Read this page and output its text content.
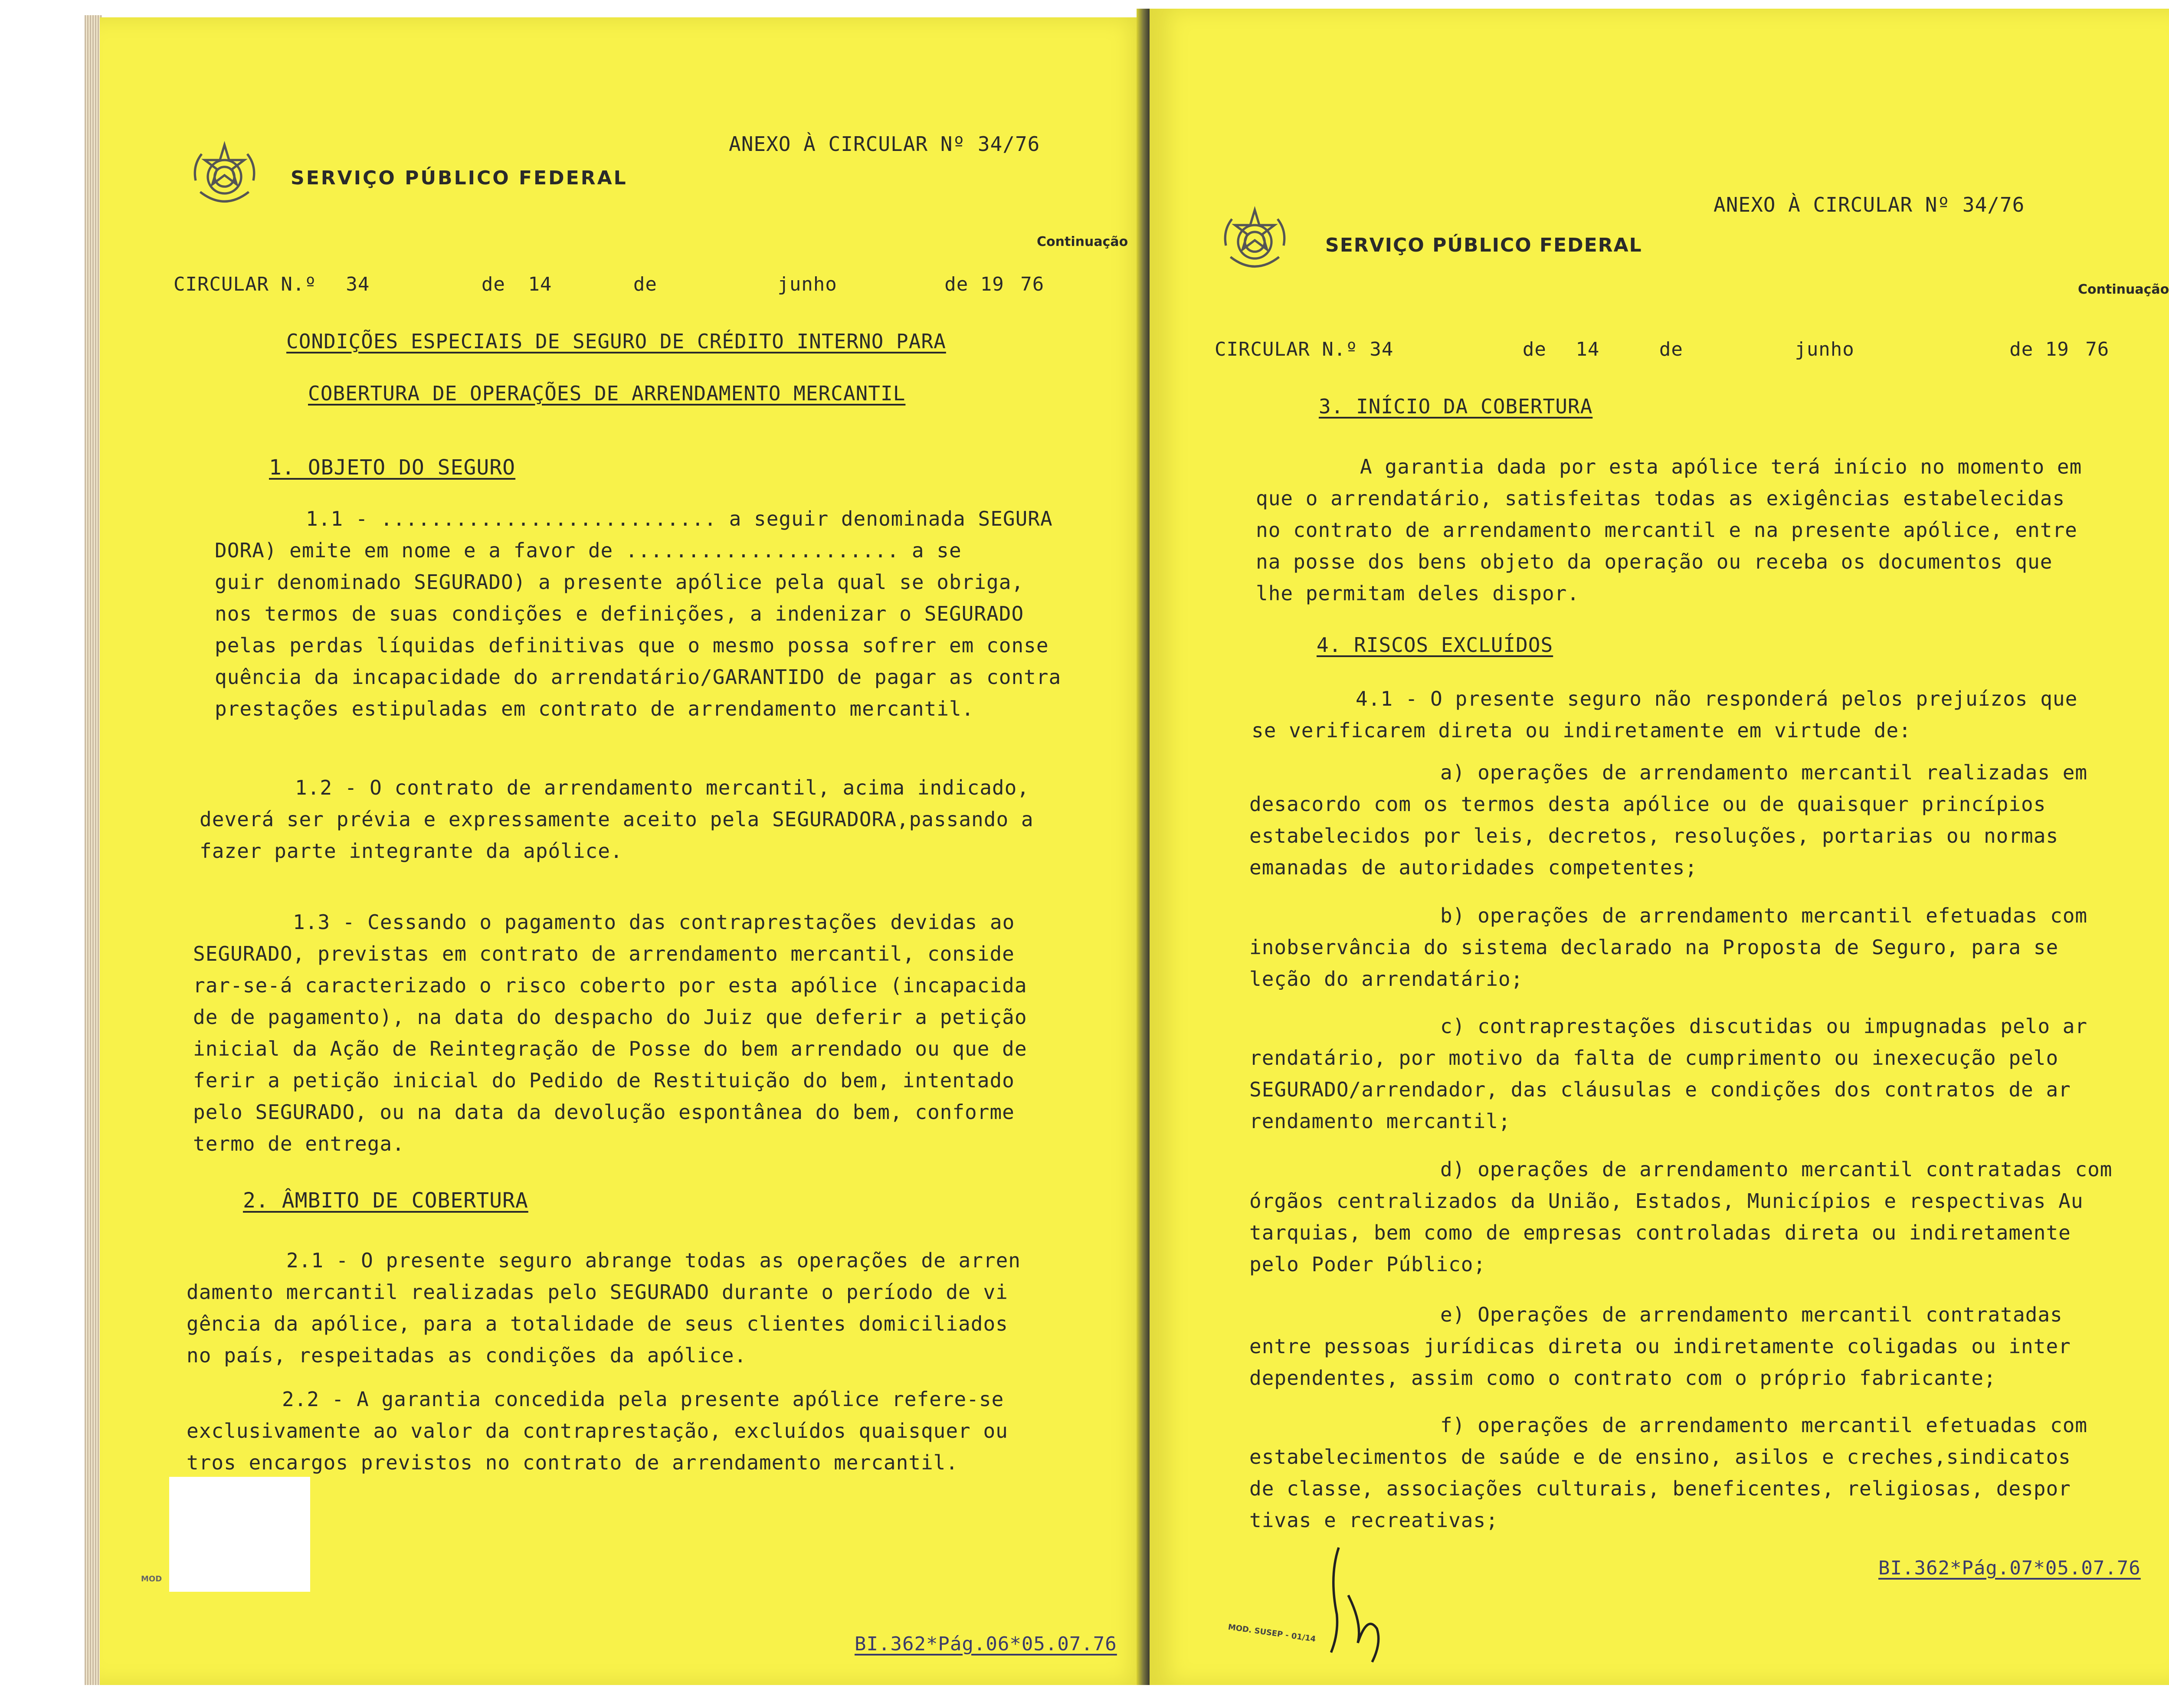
SERVIÇO PÚBLICO FEDERAL
ANEXO À CIRCULAR Nº 34/76
Continuação
CIRCULAR N.º 34	de 14	de	junho	de 19 76
CONDIÇÕES ESPECIAIS DE SEGURO DE CRÉDITO INTERNO PARA
COBERTURA DE OPERAÇÕES DE ARRENDAMENTO MERCANTIL
1. OBJETO DO SEGURO
1.1 - ........................... a seguir denominada SEGURA
DORA) emite em nome e a favor de ...................... a se
guir denominado SEGURADO) a presente apólice pela qual se obriga,
nos termos de suas condições e definições, a indenizar o SEGURADO
pelas perdas líquidas definitivas que o mesmo possa sofrer em conse
quência da incapacidade do arrendatário/GARANTIDO de pagar as contra
prestações estipuladas em contrato de arrendamento mercantil.
1.2 - O contrato de arrendamento mercantil, acima indicado,
deverá ser prévia e expressamente aceito pela SEGURADORA,passando a
fazer parte integrante da apólice.
1.3 - Cessando o pagamento das contraprestações devidas ao
SEGURADO, previstas em contrato de arrendamento mercantil, conside
rar-se-á caracterizado o risco coberto por esta apólice (incapacida
de de pagamento), na data do despacho do Juiz que deferir a petição
inicial da Ação de Reintegração de Posse do bem arrendado ou que de
ferir a petição inicial do Pedido de Restituição do bem, intentado
pelo SEGURADO, ou na data da devolução espontânea do bem, conforme
termo de entrega.
2. ÂMBITO DE COBERTURA
2.1 - O presente seguro abrange todas as operações de arren
damento mercantil realizadas pelo SEGURADO durante o período de vi
gência da apólice, para a totalidade de seus clientes domiciliados
no país, respeitadas as condições da apólice.
2.2 - A garantia concedida pela presente apólice refere-se
exclusivamente ao valor da contraprestação, excluídos quaisquer ou
tros encargos previstos no contrato de arrendamento mercantil.
MOD
BI.362*Pág.06*05.07.76
SERVIÇO PÚBLICO FEDERAL
ANEXO À CIRCULAR Nº 34/76
Continuação
CIRCULAR N.º 34	de 14	de	junho	de 19 76
3. INÍCIO DA COBERTURA
A garantia dada por esta apólice terá início no momento em
que o arrendatário, satisfeitas todas as exigências estabelecidas
no contrato de arrendamento mercantil e na presente apólice, entre
na posse dos bens objeto da operação ou receba os documentos que
lhe permitam deles dispor.
4. RISCOS EXCLUÍDOS
4.1 - O presente seguro não responderá pelos prejuízos que
se verificarem direta ou indiretamente em virtude de:
a) operações de arrendamento mercantil realizadas em
desacordo com os termos desta apólice ou de quaisquer princípios
estabelecidos por leis, decretos, resoluções, portarias ou normas
emanadas de autoridades competentes;
b) operações de arrendamento mercantil efetuadas com
inobservância do sistema declarado na Proposta de Seguro, para se
leção do arrendatário;
c) contraprestações discutidas ou impugnadas pelo ar
rendatário, por motivo da falta de cumprimento ou inexecução pelo
SEGURADO/arrendador, das cláusulas e condições dos contratos de ar
rendamento mercantil;
d) operações de arrendamento mercantil contratadas com
órgãos centralizados da União, Estados, Municípios e respectivas Au
tarquias, bem como de empresas controladas direta ou indiretamente
pelo Poder Público;
e) Operações de arrendamento mercantil contratadas
entre pessoas jurídicas direta ou indiretamente coligadas ou inter
dependentes, assim como o contrato com o próprio fabricante;
f) operações de arrendamento mercantil efetuadas com
estabelecimentos de saúde e de ensino, asilos e creches,sindicatos
de classe, associações culturais, beneficentes, religiosas, despor
tivas e recreativas;
MOD. SUSEP - 01/14
BI.362*Pág.07*05.07.76
